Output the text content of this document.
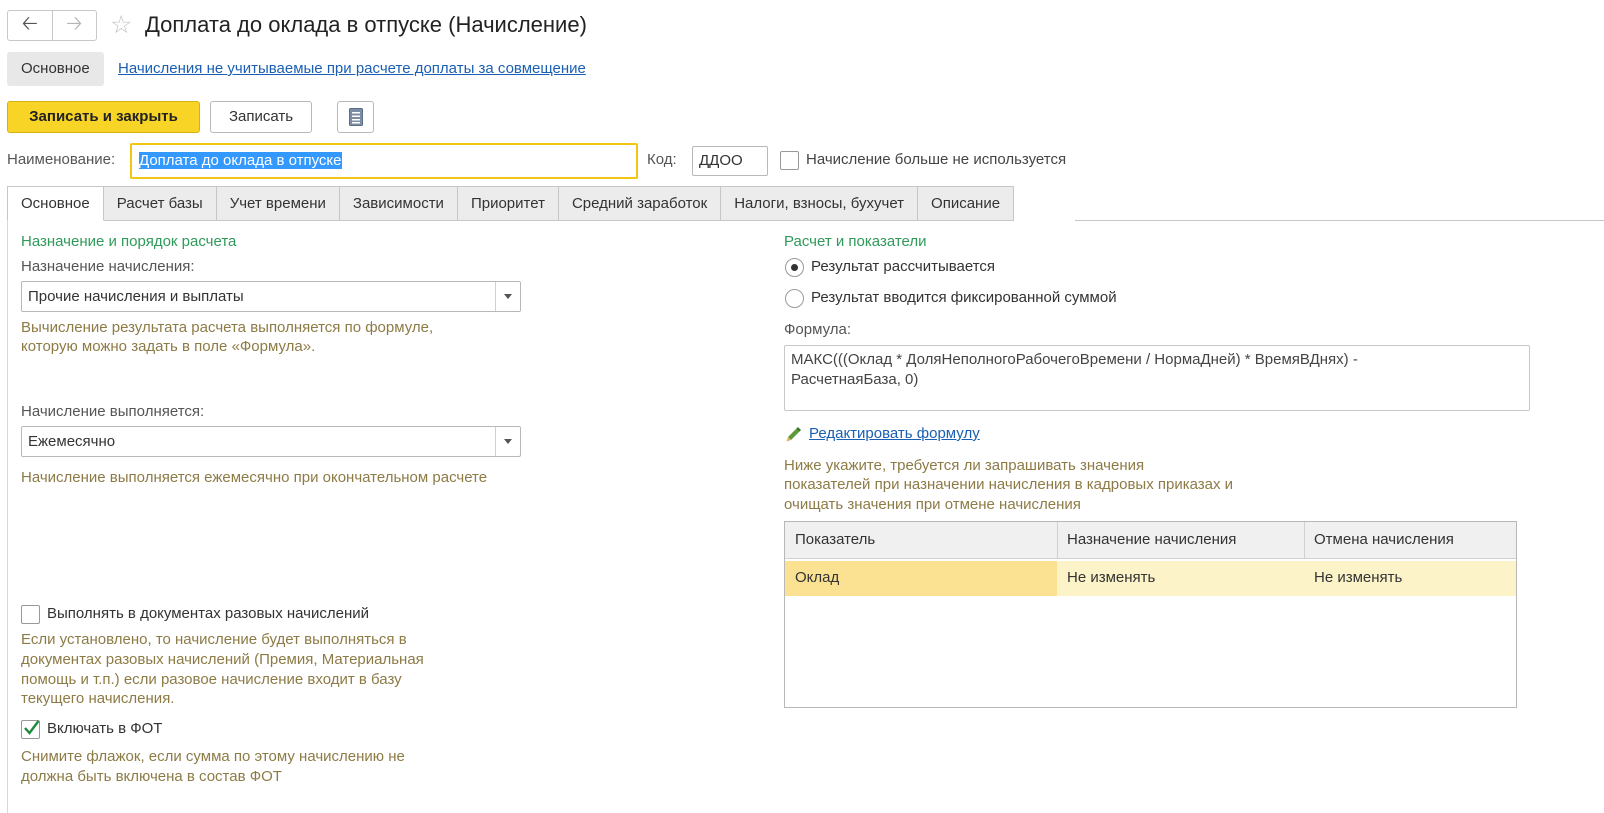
🡠	🡢	☆ Доплата до оклада в отпуске (Начисление)
Основное	Начисления не учитываемые при расчете доплаты за совмещение
Записать и закрыть	Записать
Наименование:	Доплата до оклада в отпуске	Код:	ДДОО	Начисление больше не используется
Основное	Расчет базы	Учет времени	Зависимости	Приоритет	Средний заработок	Налоги, взносы, бухучет	Описание
Назначение и порядок расчета
Назначение начисления:
Прочие начисления и выплаты
Вычисление результата расчета выполняется по формуле,
которую можно задать в поле «Формула».
Начисление выполняется:
Ежемесячно
Начисление выполняется ежемесячно при окончательном расчете
Выполнять в документах разовых начислений
Если установлено, то начисление будет выполняться в
документах разовых начислений (Премия, Материальная
помощь и т.п.) если разовое начисление входит в базу
текущего начисления.
Включать в ФОТ
Снимите флажок, если сумма по этому начислению не
должна быть включена в состав ФОТ
Расчет и показатели
Результат рассчитывается
Результат вводится фиксированной суммой
Формула:
МАКС(((Оклад * ДоляНеполногоРабочегоВремени / НормаДней) * ВремяВДнях) -
РасчетнаяБаза, 0)
Редактировать формулу
Ниже укажите, требуется ли запрашивать значения
показателей при назначении начисления в кадровых приказах и
очищать значения при отмене начисления
Показатель	Назначение начисления	Отмена начисления
Оклад	Не изменять	Не изменять
